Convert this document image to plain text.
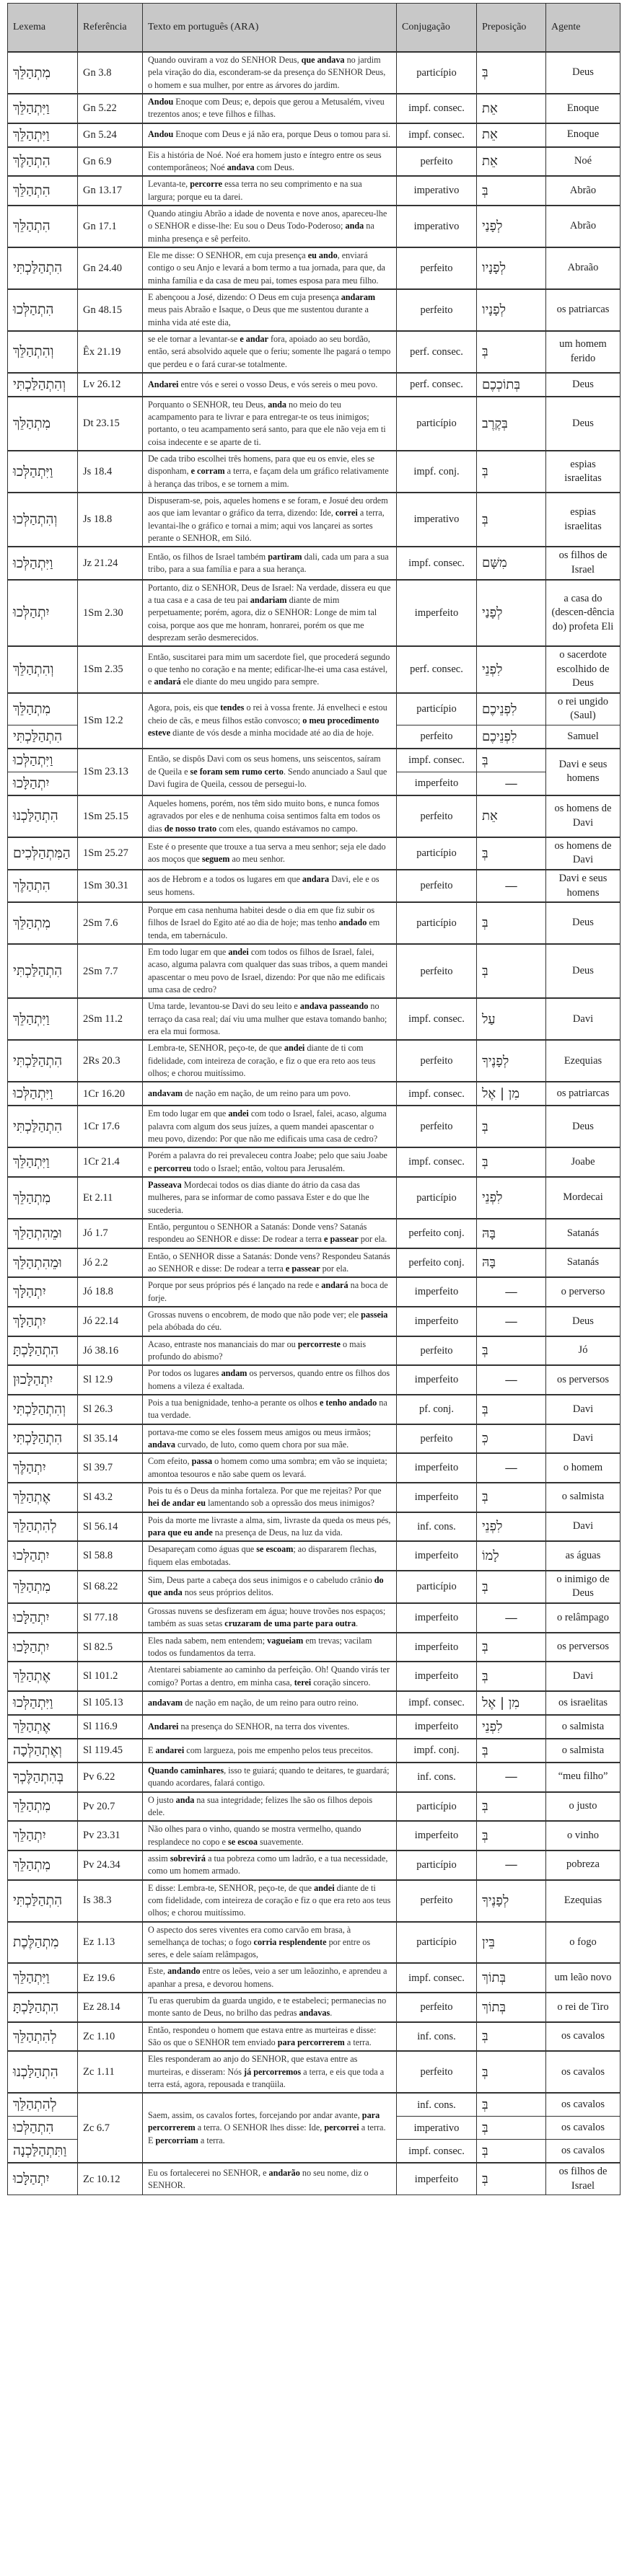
Lexema	Referência	Texto em português (ARA)	Conjugação	Preposição	Agente
מִתְהַלֵּךְ	Gn 3.8	Quando ouviram a voz do SENHOR Deus, que andava no jardim pela viração do dia, esconderam-se da presença do SENHOR Deus, o homem e sua mulher, por entre as árvores do jardim.	particípio	בְּ	Deus
וַיִּתְהַלֵּךְ	Gn 5.22	Andou Enoque com Deus; e, depois que gerou a Metusalém, viveu trezentos anos; e teve filhos e filhas.	impf. consec.	אֵת	Enoque
וַיִּתְהַלֵּךְ	Gn 5.24	Andou Enoque com Deus e já não era, porque Deus o tomou para si.	impf. consec.	אֵת	Enoque
הִתְהַלֶּךְ	Gn 6.9	Eis a história de Noé. Noé era homem justo e íntegro entre os seus contemporâneos; Noé andava com Deus.	perfeito	אֵת	Noé
הִתְהַלֵּךְ	Gn 13.17	Levanta-te, percorre essa terra no seu comprimento e na sua largura; porque eu ta darei.	imperativo	בְּ	Abrão
הִתְהַלֵּךְ	Gn 17.1	Quando atingiu Abrão a idade de noventa e nove anos, apareceu-lhe o SENHOR e disse-lhe: Eu sou o Deus Todo-Poderoso; anda na minha presença e sê perfeito.	imperativo	לְפָנַי	Abrão
הִתְהַלַּכְתִּי	Gn 24.40	Ele me disse: O SENHOR, em cuja presença eu ando, enviará contigo o seu Anjo e levará a bom termo a tua jornada, para que, da minha família e da casa de meu pai, tomes esposa para meu filho.	perfeito	לְפָנָיו	Abraão
הִתְהַלְּכוּ	Gn 48.15	E abençoou a José, dizendo: O Deus em cuja presença andaram meus pais Abraão e Isaque, o Deus que me sustentou durante a minha vida até este dia,	perfeito	לְפָנָיו	os patriarcas
וְהִתְהַלֵּךְ	Êx 21.19	se ele tornar a levantar-se e andar fora, apoiado ao seu bordão, então, será absolvido aquele que o feriu; somente lhe pagará o tempo que perdeu e o fará curar-se totalmente.	perf. consec.	בְּ	um homem ferido
וְהִתְהַלַּכְתִּי	Lv 26.12	Andarei entre vós e serei o vosso Deus, e vós sereis o meu povo.	perf. consec.	בְּתוֹכְכֶם	Deus
מִתְהַלֵּךְ	Dt 23.15	Porquanto o SENHOR, teu Deus, anda no meio do teu acampamento para te livrar e para entregar-te os teus inimigos; portanto, o teu acampamento será santo, para que ele não veja em ti coisa indecente e se aparte de ti.	particípio	בְּקֶרֶב	Deus
וַיִּתְהַלְּכוּ	Js 18.4	De cada tribo escolhei três homens, para que eu os envie, eles se disponham, e corram a terra, e façam dela um gráfico relativamente à herança das tribos, e se tornem a mim.	impf. conj.	בְּ	espias israelitas
וְהִתְהַלְּכוּ	Js 18.8	Dispuseram-se, pois, aqueles homens e se foram, e Josué deu ordem aos que iam levantar o gráfico da terra, dizendo: Ide, correi a terra, levantai-lhe o gráfico e tornai a mim; aqui vos lançarei as sortes perante o SENHOR, em Siló.	imperativo	בְּ	espias israelitas
וַיִּתְהַלְּכוּ	Jz 21.24	Então, os filhos de Israel também partiram dali, cada um para a sua tribo, para a sua família e para a sua herança.	impf. consec.	מִשָּׁם	os filhos de Israel
יִתְהַלְּכוּ	1Sm 2.30	Portanto, diz o SENHOR, Deus de Israel: Na verdade, dissera eu que a tua casa e a casa de teu pai andariam diante de mim perpetuamente; porém, agora, diz o SENHOR: Longe de mim tal coisa, porque aos que me honram, honrarei, porém os que me desprezam serão desmerecidos.	imperfeito	לְפָנַי	a casa do (descen-dência do) profeta Eli
וְהִתְהַלֵּךְ	1Sm 2.35	Então, suscitarei para mim um sacerdote fiel, que procederá segundo o que tenho no coração e na mente; edificar-lhe-ei uma casa estável, e andará ele diante do meu ungido para sempre.	perf. consec.	לִפְנֵי	o sacerdote escolhido de Deus
מִתְהַלֵּךְ	1Sm 12.2	Agora, pois, eis que tendes o rei à vossa frente. Já envelheci e estou cheio de cãs, e meus filhos estão convosco; o meu procedimento esteve diante de vós desde a minha mocidade até ao dia de hoje.	particípio	לִפְנֵיכֶם	o rei ungido (Saul)
הִתְהַלַּכְתִּי			perfeito	לִפְנֵיכֶם	Samuel
וַיִּתְהַלְּכוּ	1Sm 23.13	Então, se dispôs Davi com os seus homens, uns seiscentos, saíram de Queila e se foram sem rumo certo. Sendo anunciado a Saul que Davi fugira de Queila, cessou de persegui-lo.	impf. consec.	בְּ	Davi e seus homens
יִתְהַלָּכוּ			imperfeito	—	
הִתְהַלַּכְנוּ	1Sm 25.15	Aqueles homens, porém, nos têm sido muito bons, e nunca fomos agravados por eles e de nenhuma coisa sentimos falta em todos os dias de nosso trato com eles, quando estávamos no campo.	perfeito	אֵת	os homens de Davi
הַמִּתְהַלְּכִים	1Sm 25.27	Este é o presente que trouxe a tua serva a meu senhor; seja ele dado aos moços que seguem ao meu senhor.	particípio	בְּ	os homens de Davi
הִתְהַלֶּךְ	1Sm 30.31	aos de Hebrom e a todos os lugares em que andara Davi, ele e os seus homens.	perfeito	—	Davi e seus homens
מִתְהַלֵּךְ	2Sm 7.6	Porque em casa nenhuma habitei desde o dia em que fiz subir os filhos de Israel do Egito até ao dia de hoje; mas tenho andado em tenda, em tabernáculo.	particípio	בְּ	Deus
הִתְהַלַּכְתִּי	2Sm 7.7	Em todo lugar em que andei com todos os filhos de Israel, falei, acaso, alguma palavra com qualquer das suas tribos, a quem mandei apascentar o meu povo de Israel, dizendo: Por que não me edificais uma casa de cedro?	perfeito	בְּ	Deus
וַיִּתְהַלֵּךְ	2Sm 11.2	Uma tarde, levantou-se Davi do seu leito e andava passeando no terraço da casa real; daí viu uma mulher que estava tomando banho; era ela mui formosa.	impf. consec.	עַל	Davi
הִתְהַלַּכְתִּי	2Rs 20.3	Lembra-te, SENHOR, peço-te, de que andei diante de ti com fidelidade, com inteireza de coração, e fiz o que era reto aos teus olhos; e chorou muitíssimo.	perfeito	לְפָנֶיךָ	Ezequias
וַיִּתְהַלְּכוּ	1Cr 16.20	andavam de nação em nação, de um reino para um povo.	impf. consec.	מִן | אֶל	os patriarcas
הִתְהַלַּכְתִּי	1Cr 17.6	Em todo lugar em que andei com todo o Israel, falei, acaso, alguma palavra com algum dos seus juízes, a quem mandei apascentar o meu povo, dizendo: Por que não me edificais uma casa de cedro?	perfeito	בְּ	Deus
וַיִּתְהַלֵּךְ	1Cr 21.4	Porém a palavra do rei prevaleceu contra Joabe; pelo que saiu Joabe e percorreu todo o Israel; então, voltou para Jerusalém.	impf. consec.	בְּ	Joabe
מִתְהַלֵּךְ	Et 2.11	Passeava Mordecai todos os dias diante do átrio da casa das mulheres, para se informar de como passava Ester e do que lhe sucederia.	particípio	לִפְנֵי	Mordecai
וּמֵהִתְהַלֵּךְ	Jó 1.7	Então, perguntou o SENHOR a Satanás: Donde vens? Satanás respondeu ao SENHOR e disse: De rodear a terra e passear por ela.	perfeito conj.	בָּהּ	Satanás
וּמֵהִתְהַלֵּךְ	Jó 2.2	Então, o SENHOR disse a Satanás: Donde vens? Respondeu Satanás ao SENHOR e disse: De rodear a terra e passear por ela.	perfeito conj.	בָּהּ	Satanás
יִתְהַלָּךְ	Jó 18.8	Porque por seus próprios pés é lançado na rede e andará na boca de forje.	imperfeito	—	o perverso
יִתְהַלָּךְ	Jó 22.14	Grossas nuvens o encobrem, de modo que não pode ver; ele passeia pela abóbada do céu.	imperfeito	—	Deus
הִתְהַלָּכְתָּ	Jó 38.16	Acaso, entraste nos mananciais do mar ou percorreste o mais profundo do abismo?	perfeito	בְּ	Jó
יִתְהַלָּכוּן	Sl 12.9	Por todos os lugares andam os perversos, quando entre os filhos dos homens a vileza é exaltada.	imperfeito	—	os perversos
וְהִתְהַלַּכְתִּי	Sl 26.3	Pois a tua benignidade, tenho-a perante os olhos e tenho andado na tua verdade.	pf. conj.	בְּ	Davi
הִתְהַלָּכְתִּי	Sl 35.14	portava-me como se eles fossem meus amigos ou meus irmãos; andava curvado, de luto, como quem chora por sua mãe.	perfeito	כְּ	Davi
יִתְהַלֶּךְ	Sl 39.7	Com efeito, passa o homem como uma sombra; em vão se inquieta; amontoa tesouros e não sabe quem os levará.	imperfeito	—	o homem
אֶתְהַלֵּךְ	Sl 43.2	Pois tu és o Deus da minha fortaleza. Por que me rejeitas? Por que hei de andar eu lamentando sob a opressão dos meus inimigos?	imperfeito	בְּ	o salmista
לְהִתְהַלֵּךְ	Sl 56.14	Pois da morte me livraste a alma, sim, livraste da queda os meus pés, para que eu ande na presença de Deus, na luz da vida.	inf. cons.	לִפְנֵי	Davi
יִתְהַלְּכוּ	Sl 58.8	Desapareçam como águas que se escoam; ao dispararem flechas, fiquem elas embotadas.	imperfeito	לָמוֹ	as águas
מִתְהַלֵּךְ	Sl 68.22	Sim, Deus parte a cabeça dos seus inimigos e o cabeludo crânio do que anda nos seus próprios delitos.	particípio	בְּ	o inimigo de Deus
יִתְהַלָּכוּ	Sl 77.18	Grossas nuvens se desfizeram em água; houve trovões nos espaços; também as suas setas cruzaram de uma parte para outra.	imperfeito	—	o relâmpago
יִתְהַלָּכוּ	Sl 82.5	Eles nada sabem, nem entendem; vagueiam em trevas; vacilam todos os fundamentos da terra.	imperfeito	בְּ	os perversos
אֶתְהַלֵּךְ	Sl 101.2	Atentarei sabiamente ao caminho da perfeição. Oh! Quando virás ter comigo? Portas a dentro, em minha casa, terei coração sincero.	imperfeito	בְּ	Davi
וַיִּתְהַלְּכוּ	Sl 105.13	andavam de nação em nação, de um reino para outro reino.	impf. consec.	מִן | אֶל	os israelitas
אֶתְהַלֵּךְ	Sl 116.9	Andarei na presença do SENHOR, na terra dos viventes.	imperfeito	לִפְנֵי	o salmista
וְאֶתְהַלְּכָה	Sl 119.45	E andarei com largueza, pois me empenho pelos teus preceitos.	impf. conj.	בְּ	o salmista
בְּהִתְהַלֶּכְךָ	Pv 6.22	Quando caminhares, isso te guiará; quando te deitares, te guardará; quando acordares, falará contigo.	inf. cons.	—	“meu filho”
מִתְהַלֵּךְ	Pv 20.7	O justo anda na sua integridade; felizes lhe são os filhos depois dele.	particípio	בְּ	o justo
יִתְהַלֵּךְ	Pv 23.31	Não olhes para o vinho, quando se mostra vermelho, quando resplandece no copo e se escoa suavemente.	imperfeito	בְּ	o vinho
מִתְהַלֵּךְ	Pv 24.34	assim sobrevirá a tua pobreza como um ladrão, e a tua necessidade, como um homem armado.	particípio	—	pobreza
הִתְהַלַּכְתִּי	Is 38.3	E disse: Lembra-te, SENHOR, peço-te, de que andei diante de ti com fidelidade, com inteireza de coração e fiz o que era reto aos teus olhos; e chorou muitíssimo.	perfeito	לְפָנֶיךָ	Ezequias
מִתְהַלֶּכֶת	Ez 1.13	O aspecto dos seres viventes era como carvão em brasa, à semelhança de tochas; o fogo corria resplendente por entre os seres, e dele saíam relâmpagos,	particípio	בֵּין	o fogo
וַיִּתְהַלֵּךְ	Ez 19.6	Este, andando entre os leões, veio a ser um leãozinho, e aprendeu a apanhar a presa, e devorou homens.	impf. consec.	בְּתוֹךְ	um leão novo
הִתְהַלָּכְתָּ	Ez 28.14	Tu eras querubim da guarda ungido, e te estabeleci; permanecias no monte santo de Deus, no brilho das pedras andavas.	perfeito	בְּתוֹךְ	o rei de Tiro
לְהִתְהַלֵּךְ	Zc 1.10	Então, respondeu o homem que estava entre as murteiras e disse: São os que o SENHOR tem enviado para percorrerem a terra.	inf. cons.	בְּ	os cavalos
הִתְהַלַּכְנוּ	Zc 1.11	Eles responderam ao anjo do SENHOR, que estava entre as murteiras, e disseram: Nós já percorremos a terra, e eis que toda a terra está, agora, repousada e tranqüila.	perfeito	בְּ	os cavalos
לְהִתְהַלֵּךְ	Zc 6.7	Saem, assim, os cavalos fortes, forcejando por andar avante, para percorrerem a terra. O SENHOR lhes disse: Ide, percorrei a terra. E percorriam a terra.	inf. cons.	בְּ	os cavalos
הִתְהַלְּכוּ			imperativo	בְּ	os cavalos
וַתִּתְהַלַּכְנָה			impf. consec.	בְּ	os cavalos
יִתְהַלָּכוּ	Zc 10.12	Eu os fortalecerei no SENHOR, e andarão no seu nome, diz o SENHOR.	imperfeito	בְּ	os filhos de Israel
